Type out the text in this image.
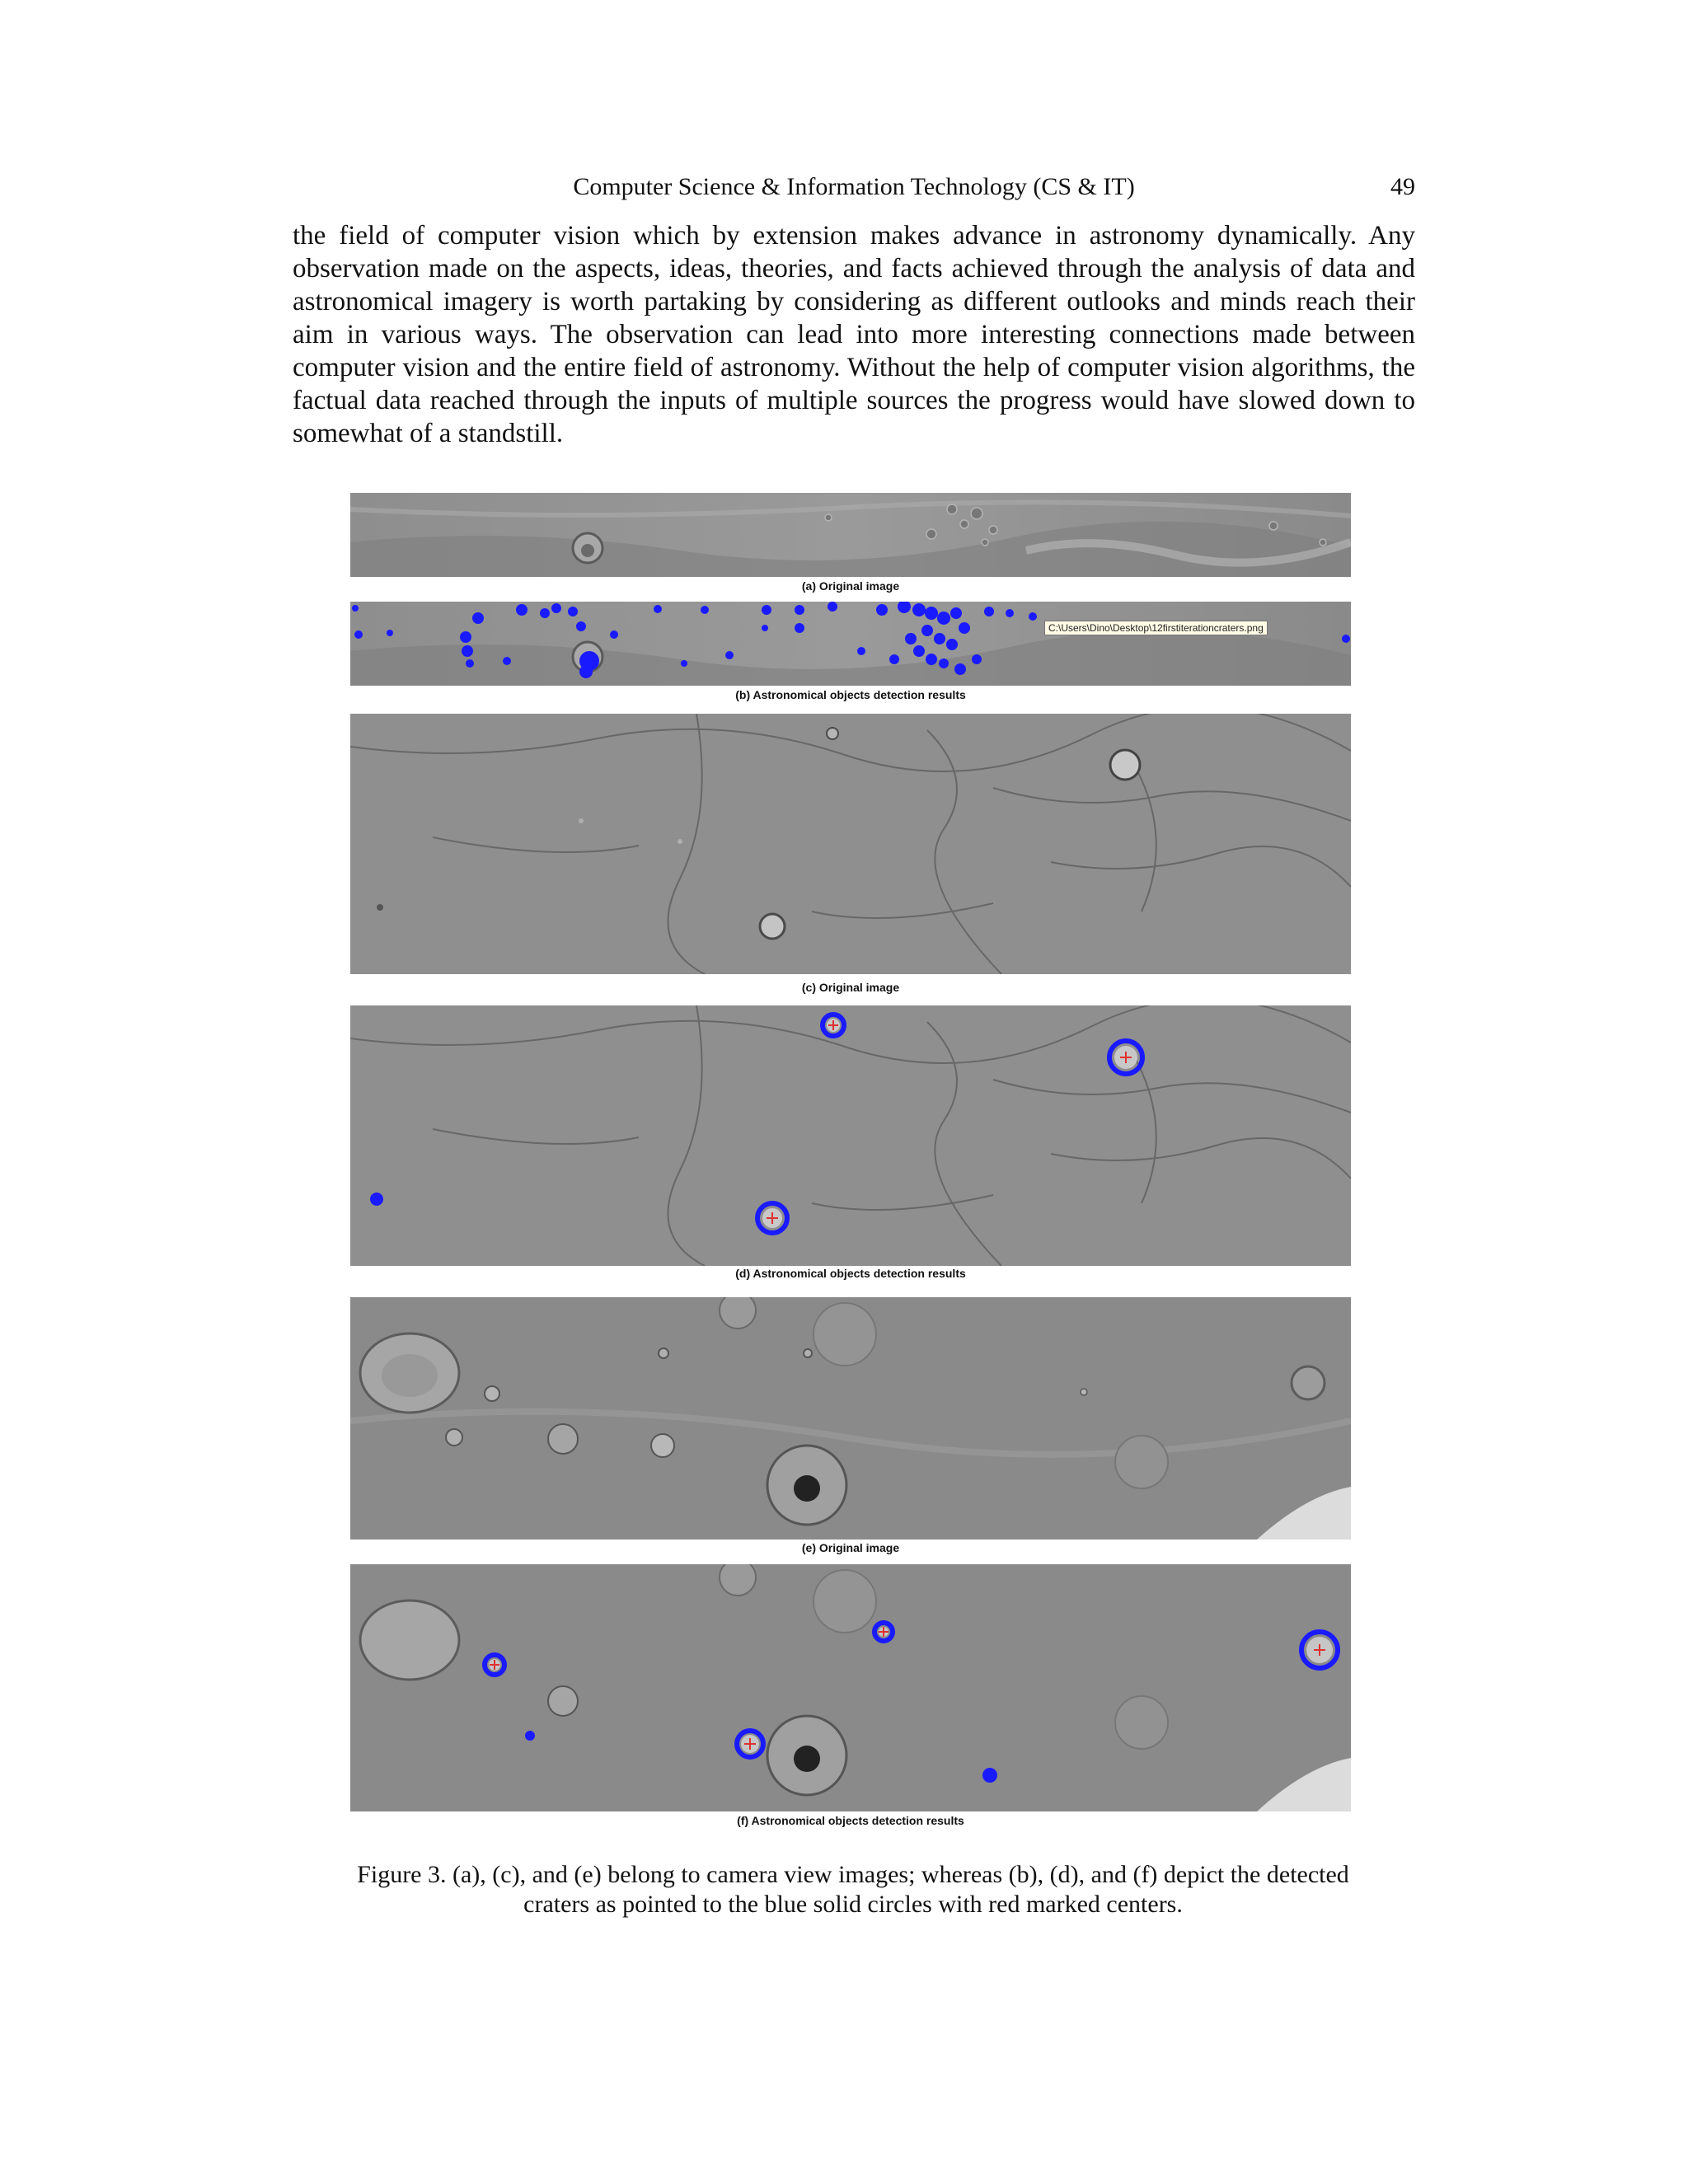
Computer Science & Information Technology (CS & IT)	49

the field of computer vision which by extension makes advance in astronomy dynamically. Any observation made on the aspects, ideas, theories, and facts achieved through the analysis of data and astronomical imagery is worth partaking by considering as different outlooks and minds reach their aim in various ways. The observation can lead into more interesting connections made between computer vision and the entire field of astronomy. Without the help of computer vision algorithms, the factual data reached through the inputs of multiple sources the progress would have slowed down to somewhat of a standstill.

(a) Original image
C:\Users\Dino\Desktop\12firstiterationcraters.png
(b) Astronomical objects detection results
(c) Original image
(d) Astronomical objects detection results
(e) Original image
(f) Astronomical objects detection results
Figure 3. (a), (c), and (e) belong to camera view images; whereas (b), (d), and (f) depict the detected
craters as pointed to the blue solid circles with red marked centers.
